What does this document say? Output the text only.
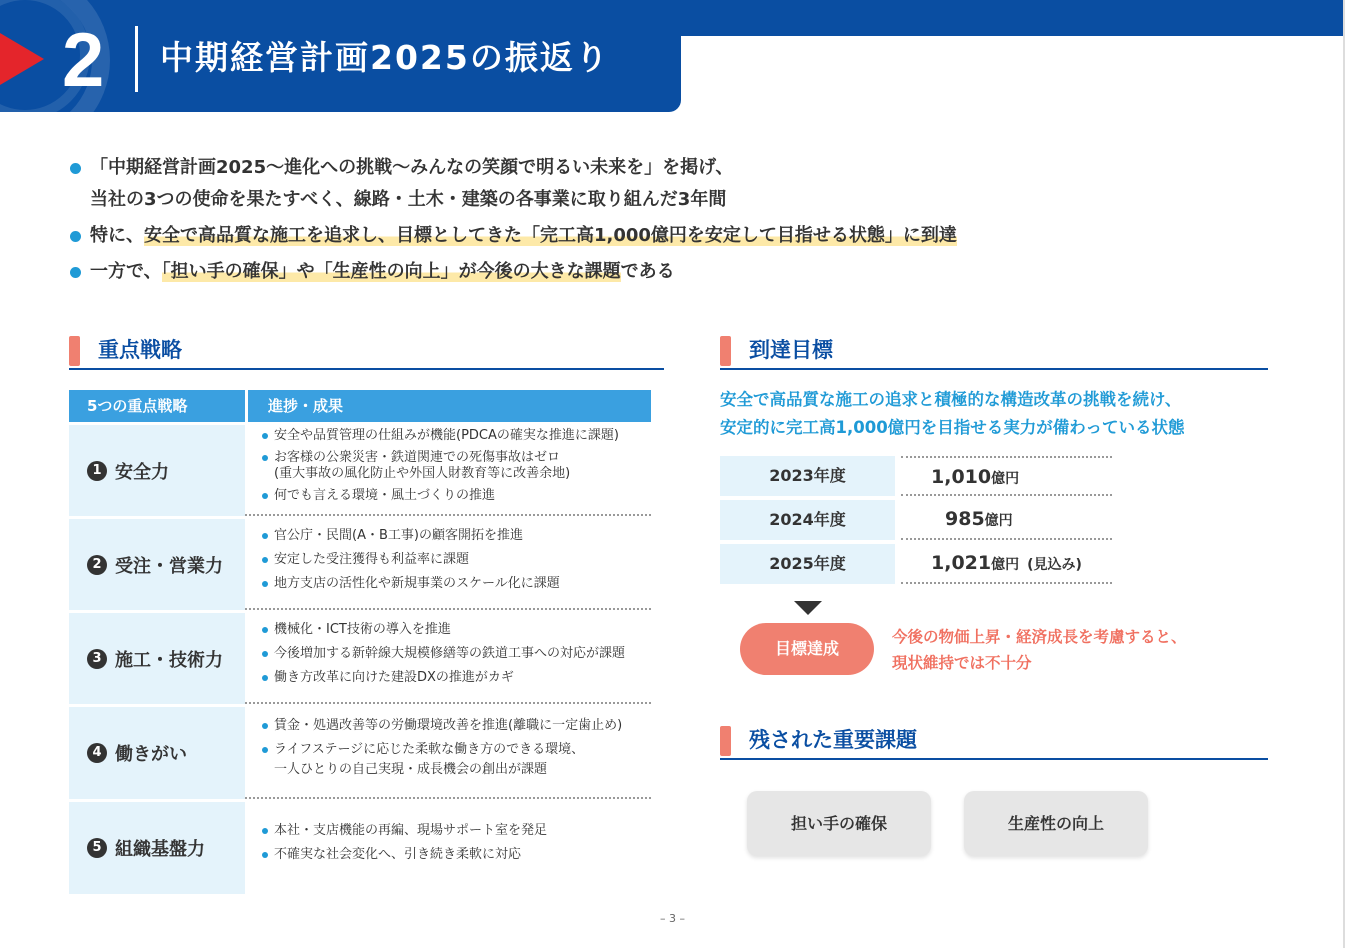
2 中期経営計画2025の振返り
「中期経営計画2025〜進化への挑戦〜みんなの笑顔で明るい未来を」を掲げ、
当社の3つの使命を果たすべく、線路・土木・建築の各事業に取り組んだ3年間
特に、安全で高品質な施工を追求し、目標としてきた「完工高1,000億円を安定して目指せる状態」に到達
一方で、「担い手の確保」や「生産性の向上」が今後の大きな課題である
重点戦略
5つの重点戦略	進捗・成果
1 安全力
安全や品質管理の仕組みが機能(PDCAの確実な推進に課題)
お客様の公衆災害・鉄道関連での死傷事故はゼロ
(重大事故の風化防止や外国人財教育等に改善余地)
何でも言える環境・風土づくりの推進
2 受注・営業力
官公庁・民間(A・B工事)の顧客開拓を推進
安定した受注獲得も利益率に課題
地方支店の活性化や新規事業のスケール化に課題
3 施工・技術力
機械化・ICT技術の導入を推進
今後増加する新幹線大規模修繕等の鉄道工事への対応が課題
働き方改革に向けた建設DXの推進がカギ
4 働きがい
賃金・処遇改善等の労働環境改善を推進(離職に一定歯止め)
ライフステージに応じた柔軟な働き方のできる環境、
一人ひとりの自己実現・成長機会の創出が課題
5 組織基盤力
本社・支店機能の再編、現場サポート室を発足
不確実な社会変化へ、引き続き柔軟に対応
到達目標
安全で高品質な施工の追求と積極的な構造改革の挑戦を続け、
安定的に完工高1,000億円を目指せる実力が備わっている状態
2023年度	1,010億円
2024年度	985億円
2025年度	1,021億円 (見込み)
目標達成
今後の物価上昇・経済成長を考慮すると、
現状維持では不十分
残された重要課題
担い手の確保	生産性の向上
– 3 –
